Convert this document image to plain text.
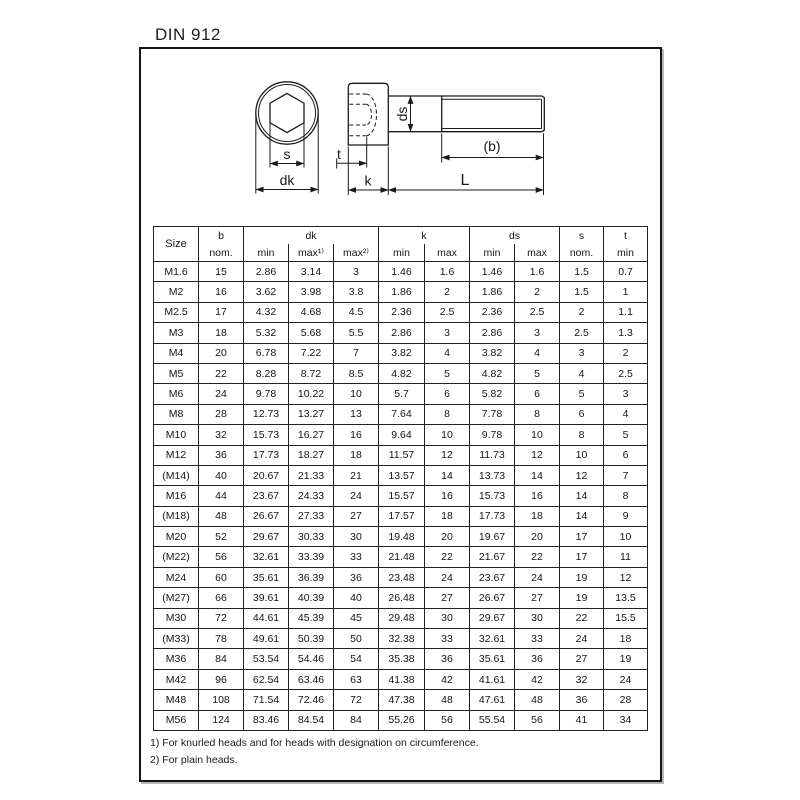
DIN 912
s
dk
ds
t	(b)
k	L
Size	b	dk			k		ds		s	t
	nom.	min	max¹⁾	max²⁾	min	max	min	max	nom.	min
M1.6	15	2.86	3.14	3	1.46	1.6	1.46	1.6	1.5	0.7
M2	16	3.62	3.98	3.8	1.86	2	1.86	2	1.5	1
M2.5	17	4.32	4.68	4.5	2.36	2.5	2.36	2.5	2	1.1
M3	18	5.32	5.68	5.5	2.86	3	2.86	3	2.5	1.3
M4	20	6.78	7.22	7	3.82	4	3.82	4	3	2
M5	22	8.28	8.72	8.5	4.82	5	4.82	5	4	2.5
M6	24	9.78	10.22	10	5.7	6	5.82	6	5	3
M8	28	12.73	13.27	13	7.64	8	7.78	8	6	4
M10	32	15.73	16.27	16	9.64	10	9.78	10	8	5
M12	36	17.73	18.27	18	11.57	12	11.73	12	10	6
(M14)	40	20.67	21.33	21	13.57	14	13.73	14	12	7
M16	44	23.67	24.33	24	15.57	16	15.73	16	14	8
(M18)	48	26.67	27.33	27	17.57	18	17.73	18	14	9
M20	52	29.67	30.33	30	19.48	20	19.67	20	17	10
(M22)	56	32.61	33.39	33	21.48	22	21.67	22	17	11
M24	60	35.61	36.39	36	23.48	24	23.67	24	19	12
(M27)	66	39.61	40.39	40	26.48	27	26.67	27	19	13.5
M30	72	44.61	45.39	45	29.48	30	29.67	30	22	15.5
(M33)	78	49.61	50.39	50	32.38	33	32.61	33	24	18
M36	84	53.54	54.46	54	35.38	36	35.61	36	27	19
M42	96	62.54	63.46	63	41.38	42	41.61	42	32	24
M48	108	71.54	72.46	72	47.38	48	47.61	48	36	28
M56	124	83.46	84.54	84	55.26	56	55.54	56	41	34
1) For knurled heads and for heads with designation on circumference.
2) For plain heads.
